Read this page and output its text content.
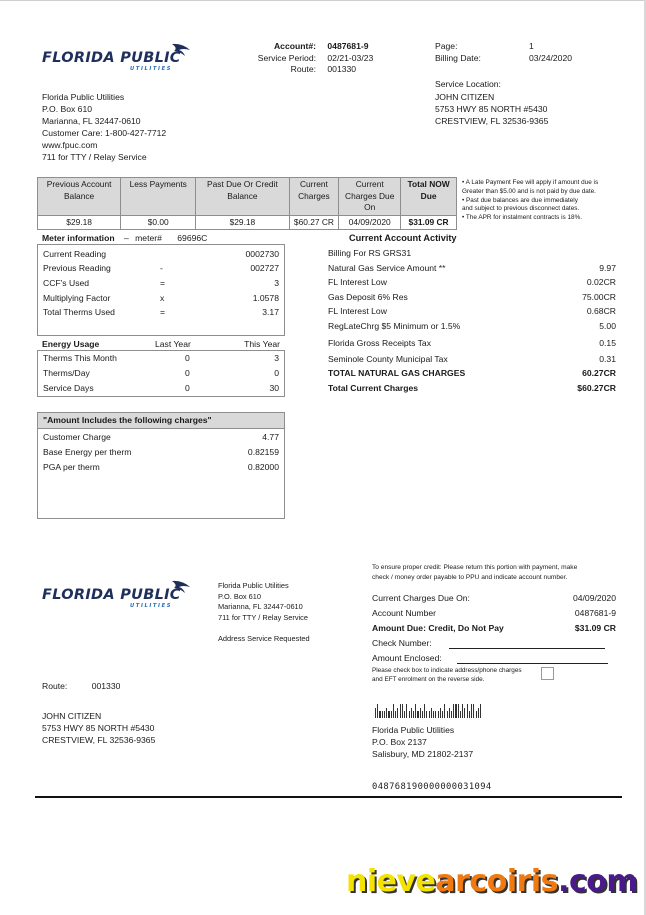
FLORIDA PUBLIC
UTILITIES
Florida Public Utilities
P.O. Box 610
Marianna, FL 32447-0610
Customer Care: 1-800-427-7712
www.fpuc.com
711 for TTY / Relay Service
Account#: 0487681-9
Service Period: 02/21-03/23
Route: 001330
Page:	1
Billing Date:	03/24/2020
Service Location:
JOHN CITIZEN
5753 HWY 85 NORTH #5430
CRESTVIEW, FL 32536-9365
Previous Account Balance	Less Payments	Past Due Or Credit Balance	Current Charges	Current Charges Due On	Total NOW Due
$29.18	$0.00	$29.18	$60.27 CR	04/09/2020	$31.09 CR
• A Late Payment Fee will apply if amount due is
Greater than $5.00 and is not paid by due date.
• Past due balances are due immediately
and subject to previous disconnect dates.
• The APR for instalment contracts is 18%.
Meter information – meter# 69696C
Current Reading	0002730
Previous Reading	-	002727
CCF's Used	=	3
Multiplying Factor	x	1.0578
Total Therms Used	=	3.17
Energy Usage	Last Year	This Year
Therms This Month	0	3
Therms/Day	0	0
Service Days	0	30
"Amount Includes the following charges"
Customer Charge	4.77
Base Energy per therm	0.82159
PGA per therm	0.82000
Current Account Activity
Billing For RS GRS31
Natural Gas Service Amount **	9.97
FL Interest Low	0.02CR
Gas Deposit 6% Res	75.00CR
FL Interest Low	0.68CR
RegLateChrg $5 Minimum or 1.5%	5.00
Florida Gross Receipts Tax	0.15
Seminole County Municipal Tax	0.31
TOTAL NATURAL GAS CHARGES	60.27CR
Total Current Charges	$60.27CR
FLORIDA PUBLIC
UTILITIES
Florida Public Utilities
P.O. Box 610
Marianna, FL 32447-0610
711 for TTY / Relay Service
Address Service Requested
To ensure proper credit: Please return this portion with payment, make
check / money order payable to PPU and indicate account number.
Current Charges Due On:	04/09/2020
Account Number	0487681-9
Amount Due: Credit, Do Not Pay	$31.09 CR
Check Number:
Amount Enclosed:
Please check box to indicate address/phone charges
and EFT enrolment on the reverse side.
Route:	001330
JOHN CITIZEN
5753 HWY 85 NORTH #5430
CRESTVIEW, FL 32536-9365
Florida Public Utilities
P.O. Box 2137
Salisbury, MD 21802-2137
048768190000000031094
nievearcoiris.com
